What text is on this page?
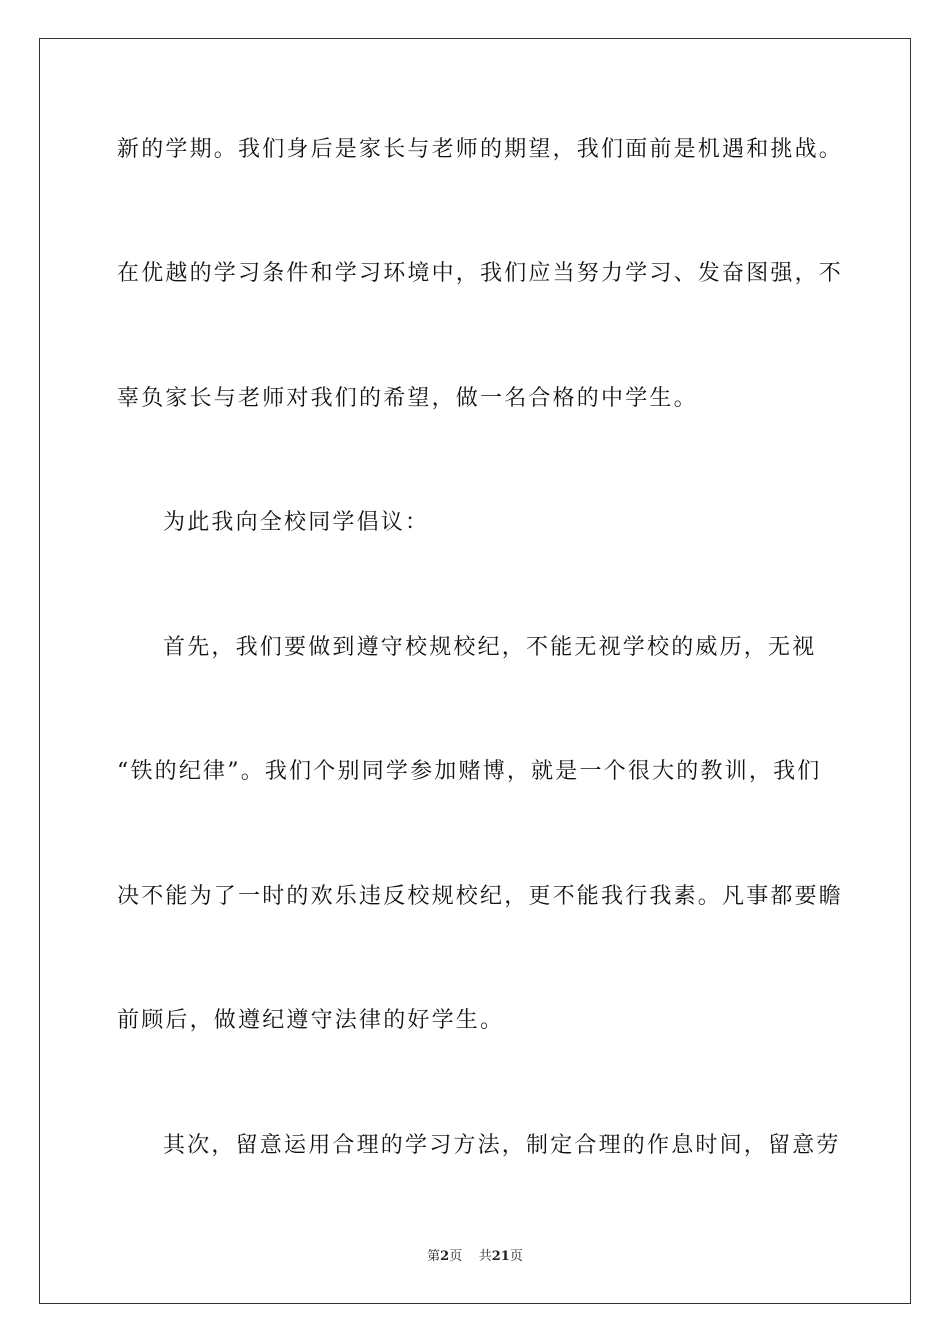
新的学期。我们身后是家长与老师的期望，我们面前是机遇和挑战。
在优越的学习条件和学习环境中，我们应当努力学习、发奋图强，不
辜负家长与老师对我们的希望，做一名合格的中学生。
为此我向全校同学倡议：
首先，我们要做到遵守校规校纪，不能无视学校的威历，无视
“铁的纪律”。我们个别同学参加赌博，就是一个很大的教训，我们
决不能为了一时的欢乐违反校规校纪，更不能我行我素。凡事都要瞻
前顾后，做遵纪遵守法律的好学生。
其次，留意运用合理的学习方法，制定合理的作息时间，留意劳
第2页 共21页
